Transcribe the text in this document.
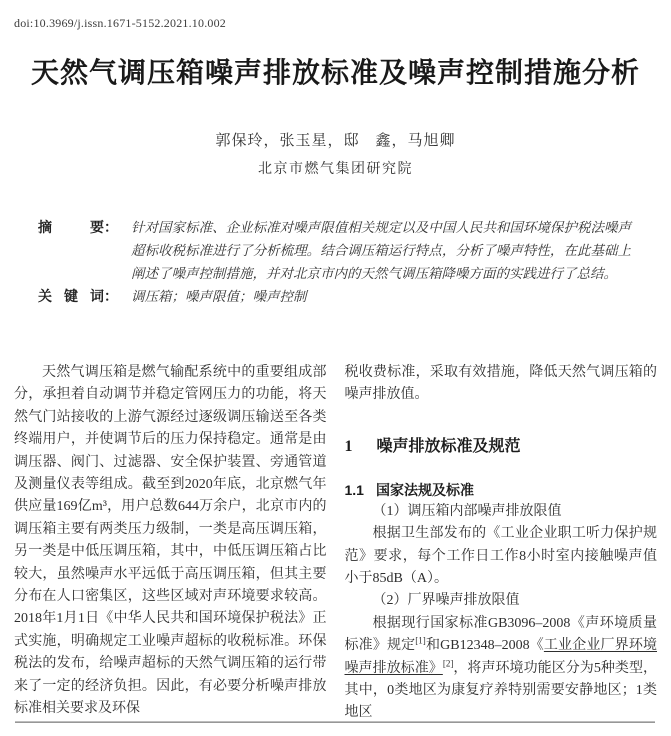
doi:10.3969/j.issn.1671-5152.2021.10.002
天然气调压箱噪声排放标准及噪声控制措施分析
郭保玲，张玉星，邸　鑫，马旭卿
北京市燃气集团研究院
摘	要： 针对国家标准、企业标准对噪声限值相关规定以及中国人民共和国环境保护税法噪声超标收税标准进行了分析梳理。结合调压箱运行特点，分析了噪声特性，在此基础上阐述了噪声控制措施，并对北京市内的天然气调压箱降噪方面的实践进行了总结。
关 键 词： 调压箱；噪声限值；噪声控制

天然气调压箱是燃气输配系统中的重要组成部分，承担着自动调节并稳定管网压力的功能，将天然气门站接收的上游气源经过逐级调压输送至各类终端用户，并使调节后的压力保持稳定。通常是由调压器、阀门、过滤器、安全保护装置、旁通管道及测量仪表等组成。截至到2020年底，北京燃气年供应量169亿m³，用户总数644万余户，北京市内的调压箱主要有两类压力级制，一类是高压调压箱，另一类是中低压调压箱，其中，中低压调压箱占比较大，虽然噪声水平远低于高压调压箱，但其主要分布在人口密集区，这些区域对声环境要求较高。2018年1月1日《中华人民共和国环境保护税法》正式实施，明确规定工业噪声超标的收税标准。环保税法的发布，给噪声超标的天然气调压箱的运行带来了一定的经济负担。因此，有必要分析噪声排放标准相关要求及环保

税收费标准，采取有效措施，降低天然气调压箱的噪声排放值。

1 噪声排放标准及规范
1.1 国家法规及标准

（1）调压箱内部噪声排放限值

根据卫生部发布的《工业企业职工听力保护规范》要求，每个工作日工作8小时室内接触噪声值小于85dB（A）。

（2）厂界噪声排放限值

根据现行国家标准GB3096–2008《声环境质量标准》规定[1]和GB12348–2008《工业企业厂界环境噪声排放标准》[2]，将声环境功能区分为5种类型，其中，0类地区为康复疗养特别需要安静地区；1类地区
